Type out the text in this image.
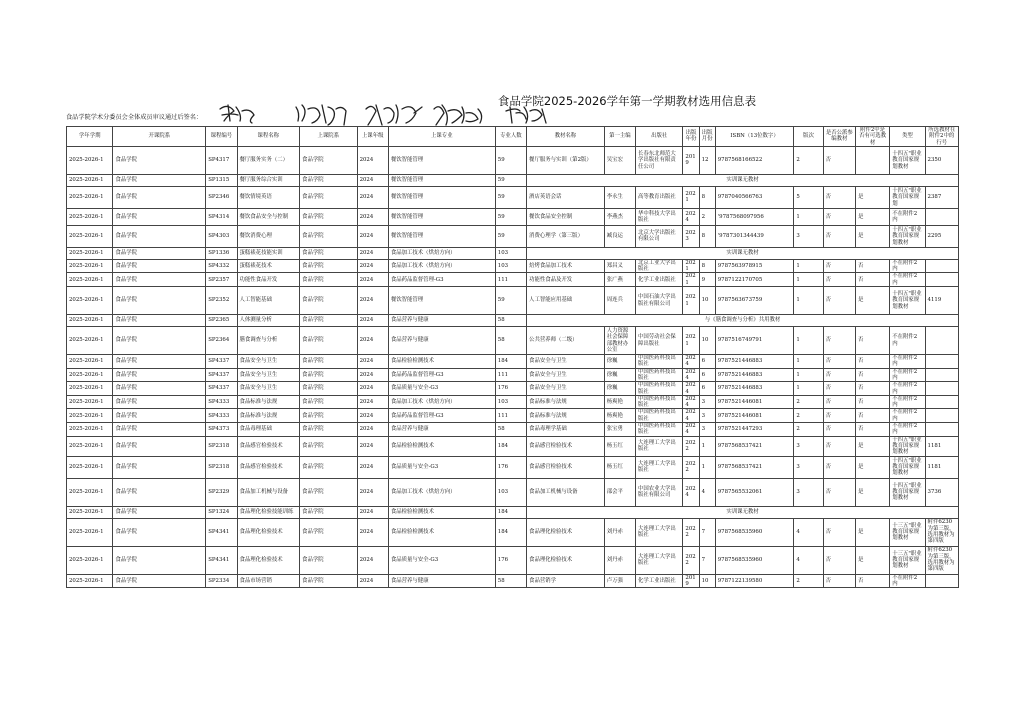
食品学院2025-2026学年第一学期教材选用信息表
食品学院学术分委员会全体成员审议通过后签名：
学年学期	开课院系	课程编号	课程名称	上课院系	上课年级	上课专业	专业人数	教材名称	第一主编	出版社	出版年份	出版月份	ISBN（13位数字）	版次	是否公派参编教材	附件2中是否有可选教材	类型	所选教材在附件2中的行号
2025-2026-1	食品学院	SP4317	餐厅服务实务（二）	食品学院	2024	餐饮智能管理	59	餐厅服务与实训（第2版）	吴宝宏	长春东北师范大学出版社有限责任公司	2019	12	9787568166522	2	否		十四五"职业教育国家规划教材	2350
2025-2026-1	食品学院	SP1315	餐厅服务综合实训	食品学院	2024	餐饮智能管理	59	实训课无教材										
2025-2026-1	食品学院	SP2346	餐饮情境英语	食品学院	2024	餐饮智能管理	59	酒店英语会话	李永生	高等教育出版社	2021	8	9787040566763	5	否	是	十四五"职业教育国家规划	2387
2025-2026-1	食品学院	SP4314	餐饮食品安全与控制	食品学院	2024	餐饮智能管理	59	餐饮食品安全控制	李燕杰	华中科技大学出版社	2024	2	'9787568097956	1	否	是	不在附件2内	
2025-2026-1	食品学院	SP4303	餐饮消费心理	食品学院	2024	餐饮智能管理	59	消费心理学（第三版）	臧良运	北京大学出版社有限公司	2023	8	'9787301344439	3	否	是	十四五"职业教育国家规划教材	2295
2025-2026-1	食品学院	SP1336	蛋糕裱花技能实训	食品学院	2024	食品加工技术（烘焙方向）	103	实训课无教材										
2025-2026-1	食品学院	SP4332	蛋糕裱花技术	食品学院	2024	食品加工技术（烘焙方向）	103	焙烤食品加工技术	郑昌义	北京工业大学出版社	2021	8	9787563978915	1	否	否	不在附件2内	
2025-2026-1	食品学院	SP2357	功能性食品开发	食品学院	2024	食品药品监督管理-G3	111	功能性食品及开发	张广燕	化学工业出版社	2021	9	9787122170705	1	否	否	不在附件2内	
2025-2026-1	食品学院	SP2352	人工智能基础	食品学院	2024	餐饮智能管理	59	人工智能应用基础	周连兵	中国石油大学出版社有限公司	2021	10	9787563673759	1	否	是	十四五"职业教育国家规划教材	4119
2025-2026-1	食品学院	SP2365	人体测量分析	食品学院	2024	食品营养与健康	58	与《膳食调查与分析》共用教材										
2025-2026-1	食品学院	SP2364	膳食调查与分析	食品学院	2024	食品营养与健康	58	公共营养师（二级）	人力资源社会保障部教材办公室	中国劳动社会保障出版社	2021	10	9787516749791	1	否	否	不在附件2内	
2025-2026-1	食品学院	SP4337	食品安全与卫生	食品学院	2024	食品检验检测技术	184	食品安全与卫生	徐巍	中国医药科技出版社	2024	6	9787521446883	1	否	否	不在附件2内	
2025-2026-1	食品学院	SP4337	食品安全与卫生	食品学院	2024	食品药品监督管理-G3	111	食品安全与卫生	徐巍	中国医药科技出版社	2024	6	9787521446883	1	否	否	不在附件2内	
2025-2026-1	食品学院	SP4337	食品安全与卫生	食品学院	2024	食品质量与安全-G3	176	食品安全与卫生	徐巍	中国医药科技出版社	2024	6	9787521446883	1	否	否	不在附件2内	
2025-2026-1	食品学院	SP4333	食品标准与法规	食品学院	2024	食品加工技术（烘焙方向）	103	食品标准与法规	杨爽艳	中国医药科技出版社	2024	3	9787521446081	2	否	否	不在附件2内	
2025-2026-1	食品学院	SP4333	食品标准与法规	食品学院	2024	食品药品监督管理-G3	111	食品标准与法规	杨爽艳	中国医药科技出版社	2024	3	9787521446081	2	否	否	不在附件2内	
2025-2026-1	食品学院	SP4373	食品毒理基础	食品学院	2024	食品营养与健康	58	食品毒理学基础	张宝勇	中国医药科技出版社	2024	3	9787521447293	2	否	否	不在附件2内	
2025-2026-1	食品学院	SP2318	食品感官检验技术	食品学院	2024	食品检验检测技术	184	食品感官检验技术	杨玉红	大连理工大学出版社	2022	1	9787568537421	3	否	是	十四五"职业教育国家规划教材	1181
2025-2026-1	食品学院	SP2318	食品感官检验技术	食品学院	2024	食品质量与安全-G3	176	食品感官检验技术	杨玉红	大连理工大学出版社	2022	1	9787568537421	3	否	是	十四五"职业教育国家规划教材	1181
2025-2026-1	食品学院	SP2329	食品加工机械与设备	食品学院	2024	食品加工技术（烘焙方向）	103	食品加工机械与设备	邵会平	中国农业大学出版社有限公司	2024	4	9787565532061	3	否	是	十四五"职业教育国家规划教材	3736
2025-2026-1	食品学院	SP1324	食品理化检验技能训练	食品学院	2024	食品检验检测技术	184	实训课无教材										
2025-2026-1	食品学院	SP4341	食品理化检验技术	食品学院	2024	食品检验检测技术	184	食品理化检验技术	刘丹赤	大连理工大学出版社	2022	7	9787568535960	4	否	是	十三五"职业教育国家规划教材	附件6230为第三版，选用教材为第四版
2025-2026-1	食品学院	SP4341	食品理化检验技术	食品学院	2024	食品质量与安全-G3	176	食品理化检验技术	刘丹赤	大连理工大学出版社	2022	7	9787568535960	4	否	是	十三五"职业教育国家规划教材	附件6230为第三版，选用教材为第四版
2025-2026-1	食品学院	SP2334	食品市场营销	食品学院	2024	食品营养与健康	58	食品营销学	卢万强	化学工业出版社	2019	10	9787122139580	2	否	否	不在附件2内	
